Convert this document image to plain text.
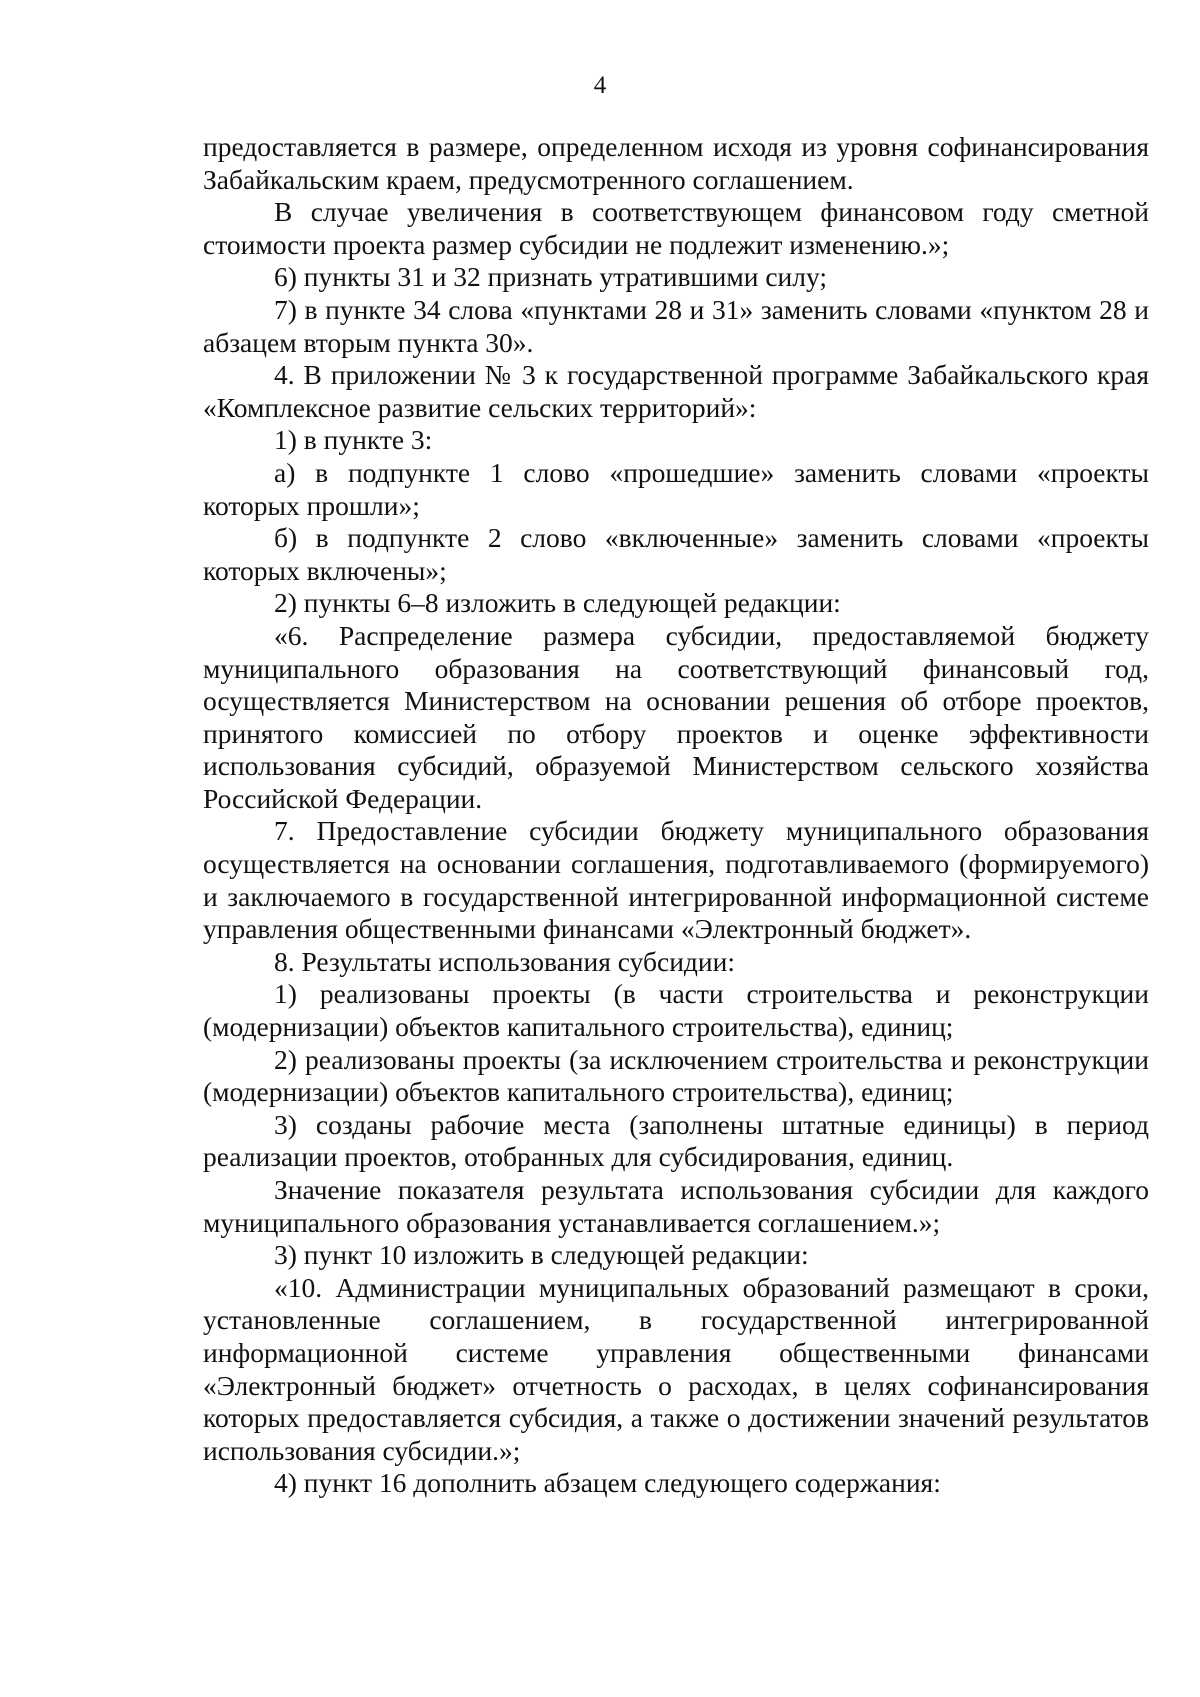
4

предоставляется в размере, определенном исходя из уровня софинансирования Забайкальским краем, предусмотренного соглашением.

В случае увеличения в соответствующем финансовом году сметной стоимости проекта размер субсидии не подлежит изменению.»;

6) пункты 31 и 32 признать утратившими силу;

7) в пункте 34 слова «пунктами 28 и 31» заменить словами «пунктом 28 и абзацем вторым пункта 30».

4. В приложении № 3 к государственной программе Забайкальского края «Комплексное развитие сельских территорий»:

1) в пункте 3:

а) в подпункте 1 слово «прошедшие» заменить словами «проекты которых прошли»;

б) в подпункте 2 слово «включенные» заменить словами «проекты которых включены»;

2) пункты 6–8 изложить в следующей редакции:

«6. Распределение размера субсидии, предоставляемой бюджету муниципального образования на соответствующий финансовый год, осуществляется Министерством на основании решения об отборе проектов, принятого комиссией по отбору проектов и оценке эффективности использования субсидий, образуемой Министерством сельского хозяйства Российской Федерации.

7. Предоставление субсидии бюджету муниципального образования осуществляется на основании соглашения, подготавливаемого (формируемого) и заключаемого в государственной интегрированной информационной системе управления общественными финансами «Электронный бюджет».

8. Результаты использования субсидии:

1) реализованы проекты (в части строительства и реконструкции (модернизации) объектов капитального строительства), единиц;

2) реализованы проекты (за исключением строительства и реконструкции (модернизации) объектов капитального строительства), единиц;

3) созданы рабочие места (заполнены штатные единицы) в период реализации проектов, отобранных для субсидирования, единиц.

Значение показателя результата использования субсидии для каждого муниципального образования устанавливается соглашением.»;

3) пункт 10 изложить в следующей редакции:

«10. Администрации муниципальных образований размещают в сроки, установленные соглашением, в государственной интегрированной информационной системе управления общественными финансами «Электронный бюджет» отчетность о расходах, в целях софинансирования которых предоставляется субсидия, а также о достижении значений результатов использования субсидии.»;

4) пункт 16 дополнить абзацем следующего содержания:
